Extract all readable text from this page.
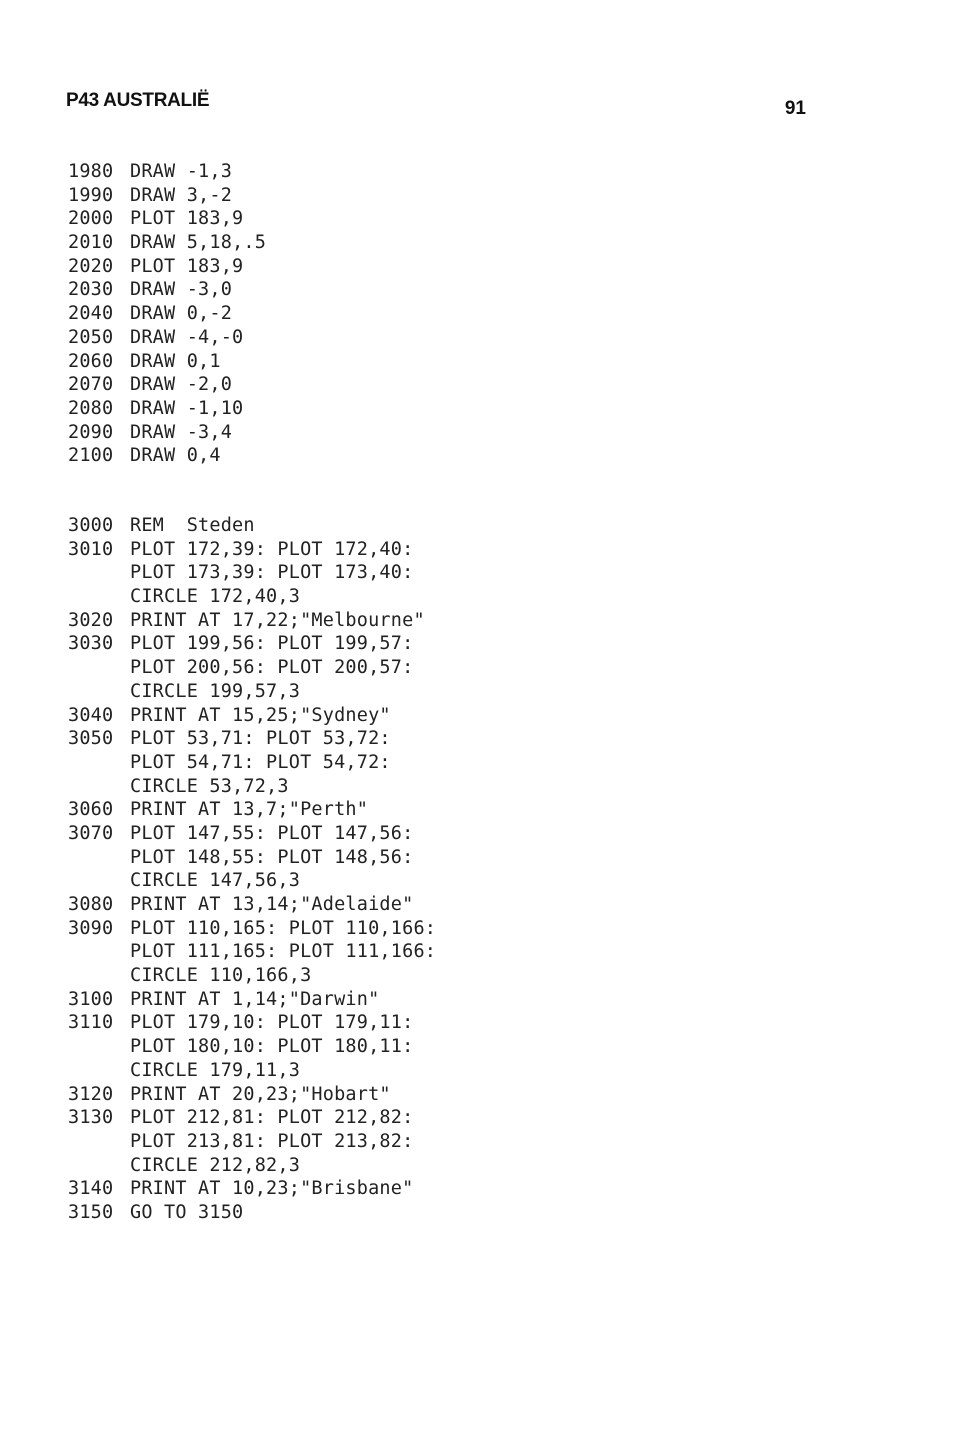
P43 AUSTRALIË	91
1980 DRAW -1,3
1990 DRAW 3,-2
2000 PLOT 183,9
2010 DRAW 5,18,.5
2020 PLOT 183,9
2030 DRAW -3,0
2040 DRAW 0,-2
2050 DRAW -4,-0
2060 DRAW 0,1
2070 DRAW -2,0
2080 DRAW -1,10
2090 DRAW -3,4
2100 DRAW 0,4
3000 REM  Steden
3010 PLOT 172,39: PLOT 172,40:
PLOT 173,39: PLOT 173,40:
CIRCLE 172,40,3
3020 PRINT AT 17,22;"Melbourne"
3030 PLOT 199,56: PLOT 199,57:
PLOT 200,56: PLOT 200,57:
CIRCLE 199,57,3
3040 PRINT AT 15,25;"Sydney"
3050 PLOT 53,71: PLOT 53,72:
PLOT 54,71: PLOT 54,72:
CIRCLE 53,72,3
3060 PRINT AT 13,7;"Perth"
3070 PLOT 147,55: PLOT 147,56:
PLOT 148,55: PLOT 148,56:
CIRCLE 147,56,3
3080 PRINT AT 13,14;"Adelaide"
3090 PLOT 110,165: PLOT 110,166:
PLOT 111,165: PLOT 111,166:
CIRCLE 110,166,3
3100 PRINT AT 1,14;"Darwin"
3110 PLOT 179,10: PLOT 179,11:
PLOT 180,10: PLOT 180,11:
CIRCLE 179,11,3
3120 PRINT AT 20,23;"Hobart"
3130 PLOT 212,81: PLOT 212,82:
PLOT 213,81: PLOT 213,82:
CIRCLE 212,82,3
3140 PRINT AT 10,23;"Brisbane"
3150 GO TO 3150
